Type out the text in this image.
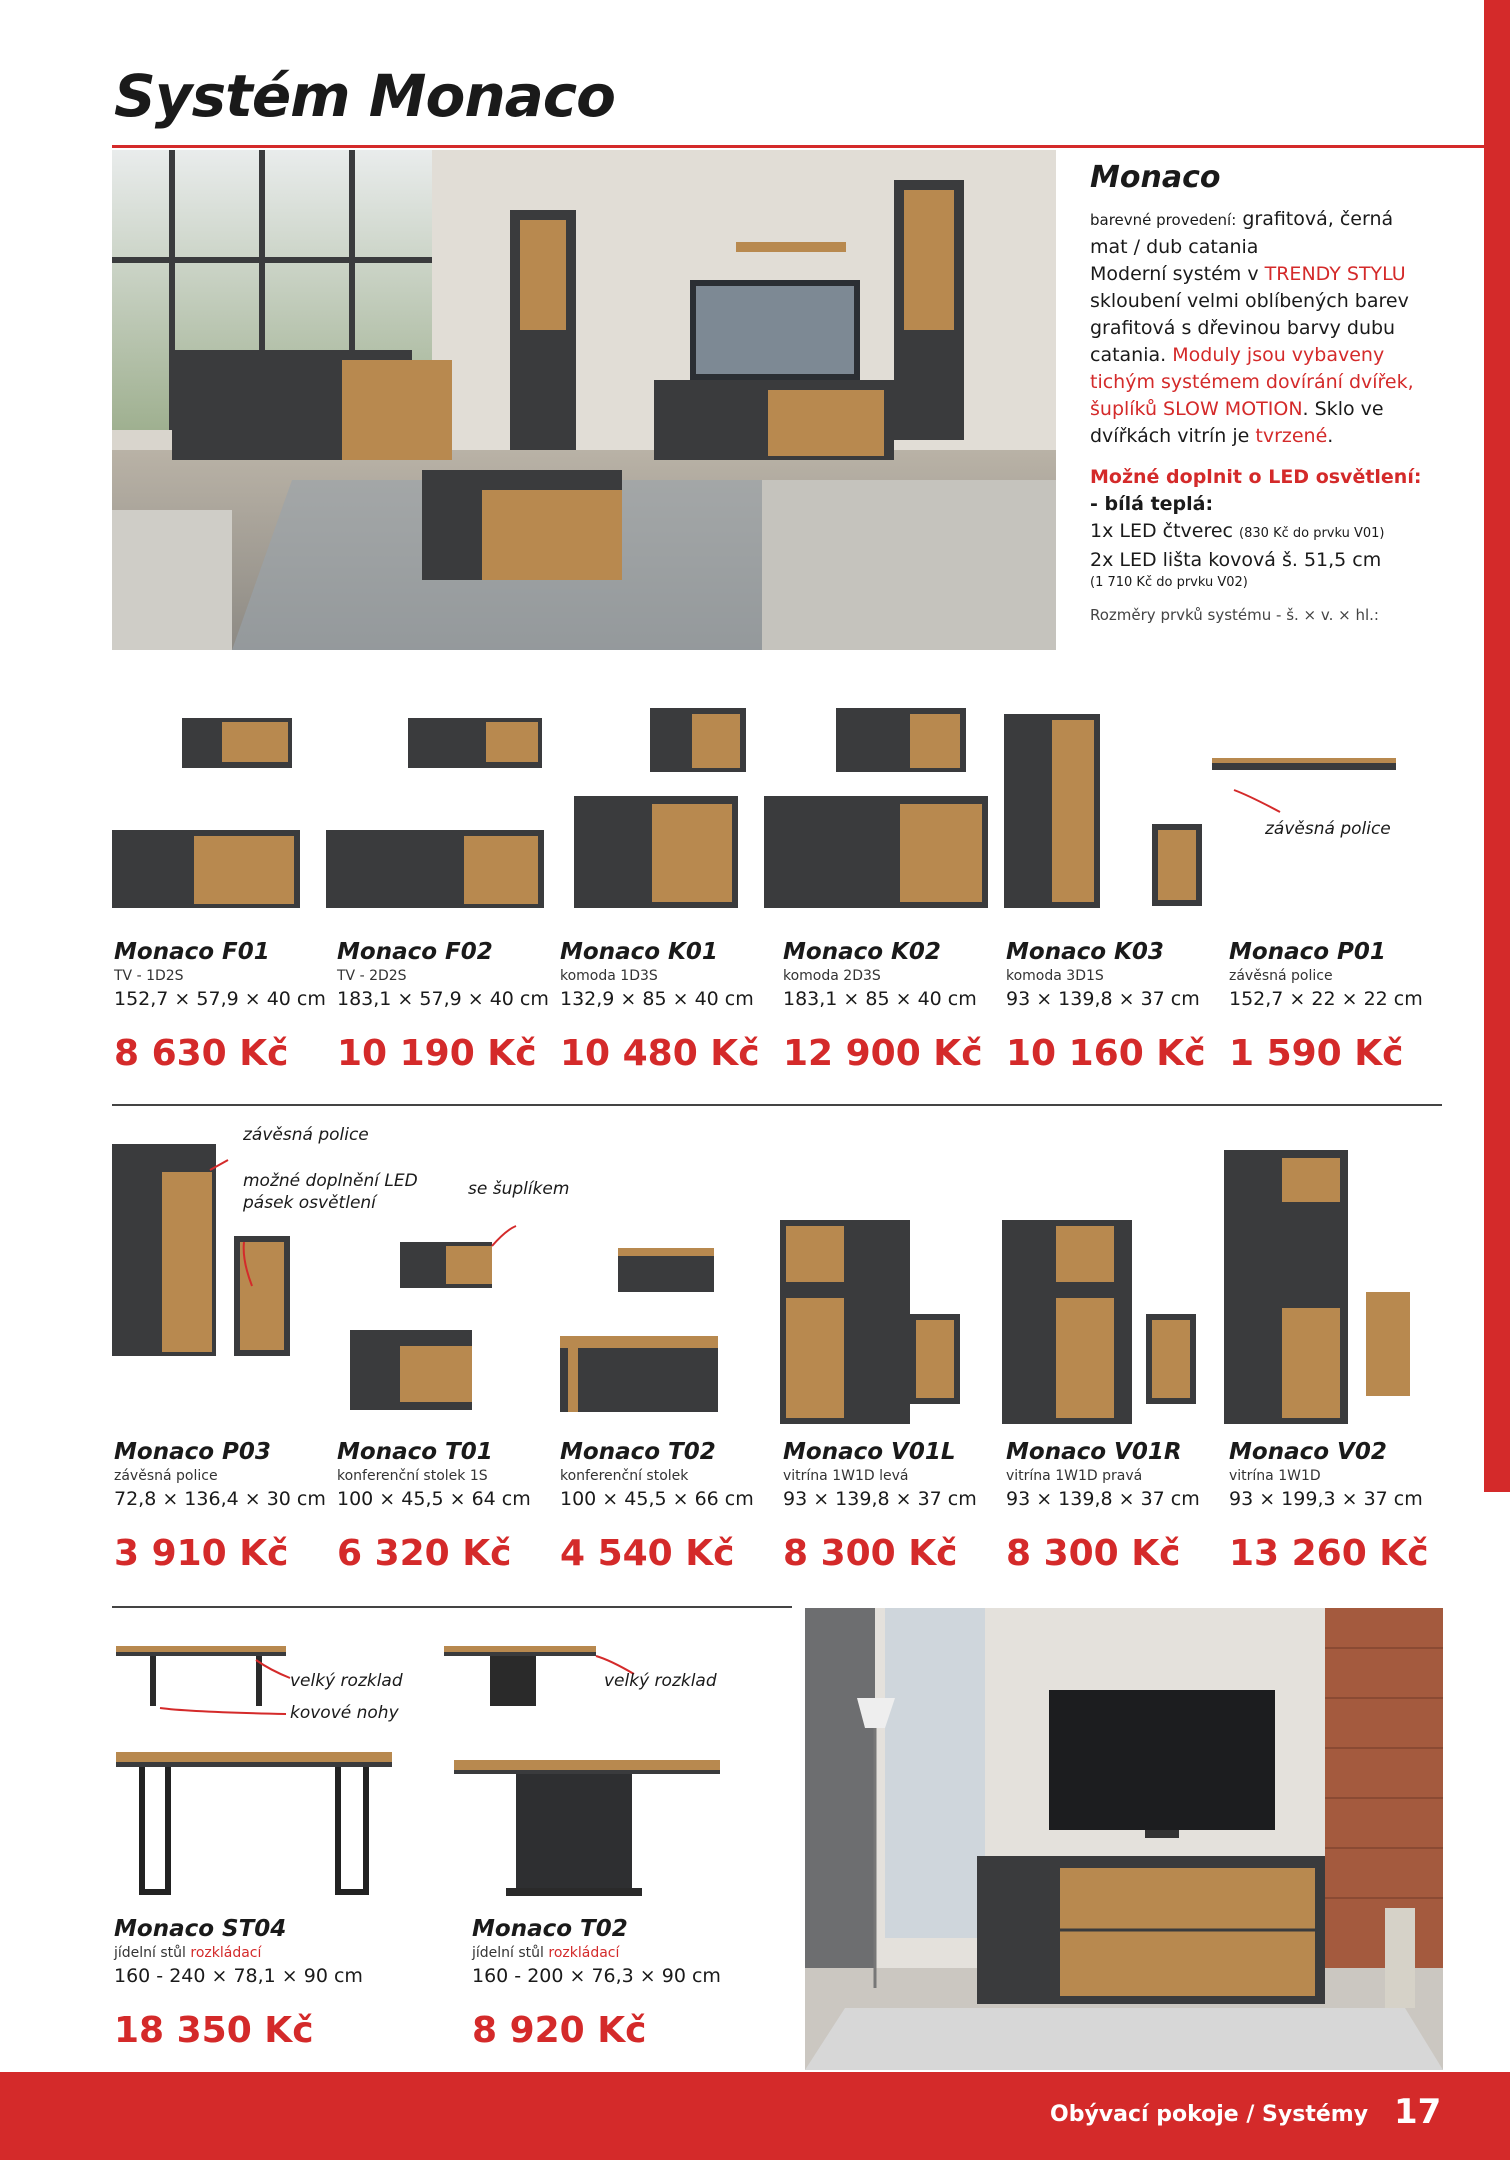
Systém Monaco
Monaco
barevné provedení: grafitová, černá mat / dub catania
Moderní systém v TRENDY STYLU skloubení velmi oblíbených barev grafitová s dřevinou barvy dubu catania. Moduly jsou vybaveny tichým systémem dovírání dvířek, šuplíků SLOW MOTION. Sklo ve dvířkách vitrín je tvrzené.
Možné doplnit o LED osvětlení:
- bílá teplá:
1x LED čtverec (830 Kč do prvku V01)
2x LED lišta kovová š. 51,5 cm
(1 710 Kč do prvku V02)
Rozměry prvků systému - š. × v. × hl.:
závěsná police
Monaco F01
TV - 1D2S
152,7 × 57,9 × 40 cm
8 630 Kč
Monaco F02
TV - 2D2S
183,1 × 57,9 × 40 cm
10 190 Kč
Monaco K01
komoda 1D3S
132,9 × 85 × 40 cm
10 480 Kč
Monaco K02
komoda 2D3S
183,1 × 85 × 40 cm
12 900 Kč
Monaco K03
komoda 3D1S
93 × 139,8 × 37 cm
10 160 Kč
Monaco P01
závěsná police
152,7 × 22 × 22 cm
1 590 Kč
závěsná police
možné doplnění LED pásek osvětlení
se šuplíkem
Monaco P03
závěsná police
72,8 × 136,4 × 30 cm
3 910 Kč
Monaco T01
konferenční stolek 1S
100 × 45,5 × 64 cm
6 320 Kč
Monaco T02
konferenční stolek
100 × 45,5 × 66 cm
4 540 Kč
Monaco V01L
vitrína 1W1D levá
93 × 139,8 × 37 cm
8 300 Kč
Monaco V01R
vitrína 1W1D pravá
93 × 139,8 × 37 cm
8 300 Kč
Monaco V02
vitrína 1W1D
93 × 199,3 × 37 cm
13 260 Kč
velký rozklad
kovové nohy
velký rozklad
Monaco ST04
jídelní stůl rozkládací
160 - 240 × 78,1 × 90 cm
18 350 Kč
Monaco T02
jídelní stůl rozkládací
160 - 200 × 76,3 × 90 cm
8 920 Kč
Obývací pokoje / Systémy 17
